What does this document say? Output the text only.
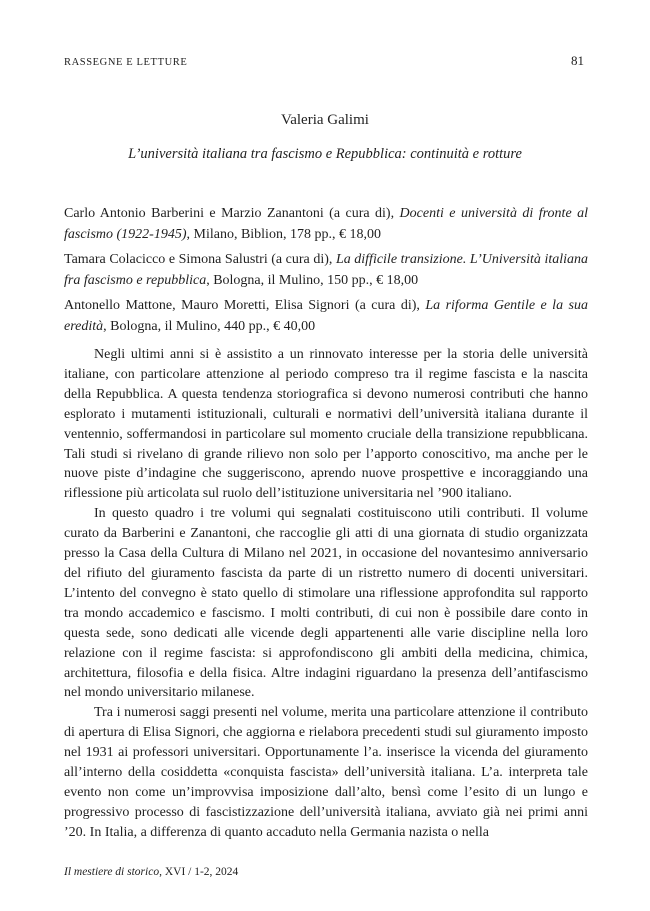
RASSEGNE E LETTURE	81
Valeria Galimi
L’università italiana tra fascismo e Repubblica: continuità e rotture

Carlo Antonio Barberini e Marzio Zanantoni (a cura di), Docenti e università di fronte al fascismo (1922-1945), Milano, Biblion, 178 pp., € 18,00

Tamara Colacicco e Simona Salustri (a cura di), La difficile transizione. L’Università italiana fra fascismo e repubblica, Bologna, il Mulino, 150 pp., € 18,00

Antonello Mattone, Mauro Moretti, Elisa Signori (a cura di), La riforma Gentile e la sua eredità, Bologna, il Mulino, 440 pp., € 40,00

Negli ultimi anni si è assistito a un rinnovato interesse per la storia delle università italiane, con particolare attenzione al periodo compreso tra il regime fascista e la nascita della Repubblica. A questa tendenza storiografica si devono numerosi contributi che hanno esplorato i mutamenti istituzionali, culturali e normativi dell’università italiana durante il ventennio, soffermandosi in particolare sul momento cruciale della transizione repubblicana. Tali studi si rivelano di grande rilievo non solo per l’apporto conoscitivo, ma anche per le nuove piste d’indagine che suggeriscono, aprendo nuove prospettive e incoraggiando una riflessione più articolata sul ruolo dell’istituzione universitaria nel ’900 italiano.

In questo quadro i tre volumi qui segnalati costituiscono utili contributi. Il volume curato da Barberini e Zanantoni, che raccoglie gli atti di una giornata di studio organizzata presso la Casa della Cultura di Milano nel 2021, in occasione del novantesimo anniversario del rifiuto del giuramento fascista da parte di un ristretto numero di docenti universitari. L’intento del convegno è stato quello di stimolare una riflessione approfondita sul rapporto tra mondo accademico e fascismo. I molti contributi, di cui non è possibile dare conto in questa sede, sono dedicati alle vicende degli appartenenti alle varie discipline nella loro relazione con il regime fascista: si approfondiscono gli ambiti della medicina, chimica, architettura, filosofia e della fisica. Altre indagini riguardano la presenza dell’antifascismo nel mondo universitario milanese.

Tra i numerosi saggi presenti nel volume, merita una particolare attenzione il contributo di apertura di Elisa Signori, che aggiorna e rielabora precedenti studi sul giuramento imposto nel 1931 ai professori universitari. Opportunamente l’a. inserisce la vicenda del giuramento all’interno della cosiddetta «conquista fascista» dell’università italiana. L’a. interpreta tale evento non come un’improvvisa imposizione dall’alto, bensì come l’esito di un lungo e progressivo processo di fascistizzazione dell’università italiana, avviato già nei primi anni ’20. In Italia, a differenza di quanto accaduto nella Germania nazista o nella

Il mestiere di storico, XVI / 1-2, 2024
